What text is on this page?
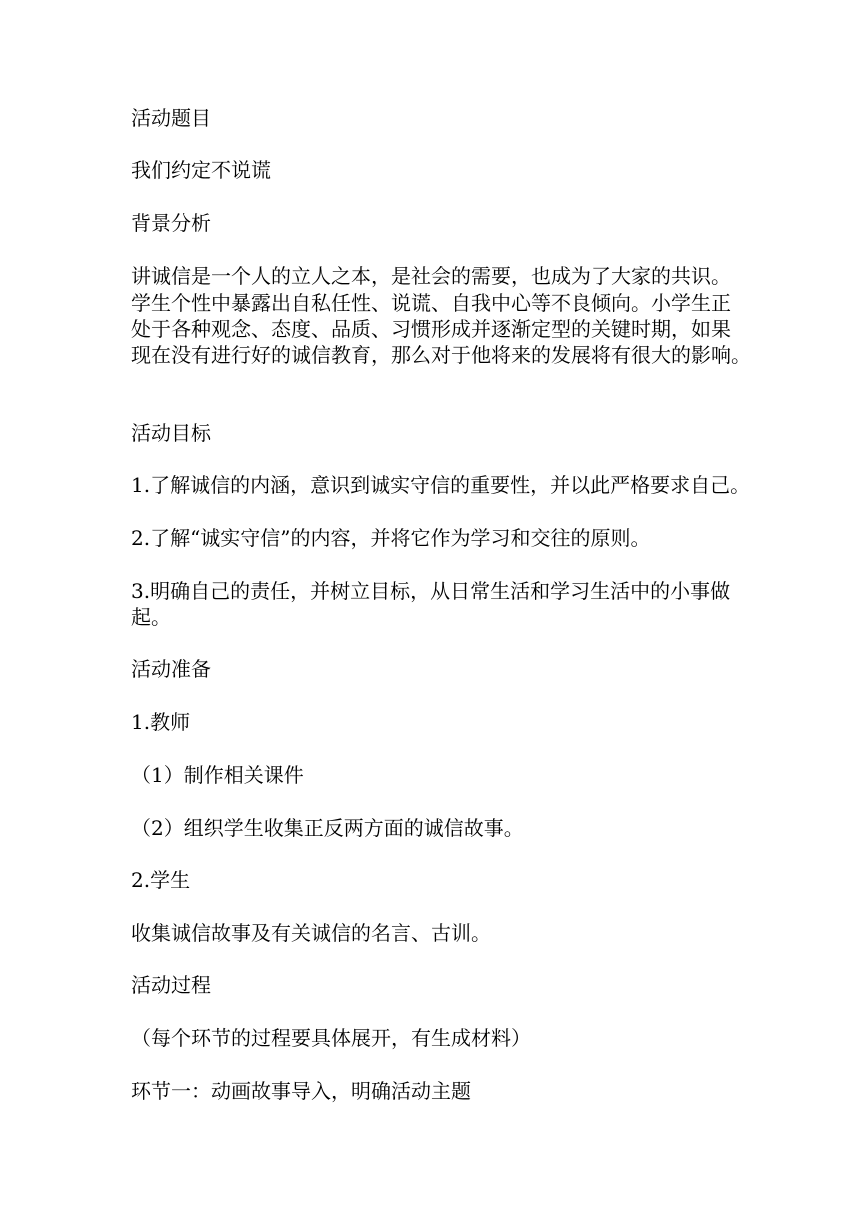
活动题目

我们约定不说谎

背景分析

讲诚信是一个人的立人之本，是社会的需要，也成为了大家的共识。

学生个性中暴露出自私任性、说谎、自我中心等不良倾向。小学生正

处于各种观念、态度、品质、习惯形成并逐渐定型的关键时期，如果

现在没有进行好的诚信教育，那么对于他将来的发展将有很大的影响。

活动目标

1.了解诚信的内涵，意识到诚实守信的重要性，并以此严格要求自己。

2.了解“诚实守信”的内容，并将它作为学习和交往的原则。

3.明确自己的责任，并树立目标，从日常生活和学习生活中的小事做

起。

活动准备

1.教师

（1）制作相关课件

（2）组织学生收集正反两方面的诚信故事。

2.学生

收集诚信故事及有关诚信的名言、古训。

活动过程

（每个环节的过程要具体展开，有生成材料）

环节一：动画故事导入，明确活动主题
